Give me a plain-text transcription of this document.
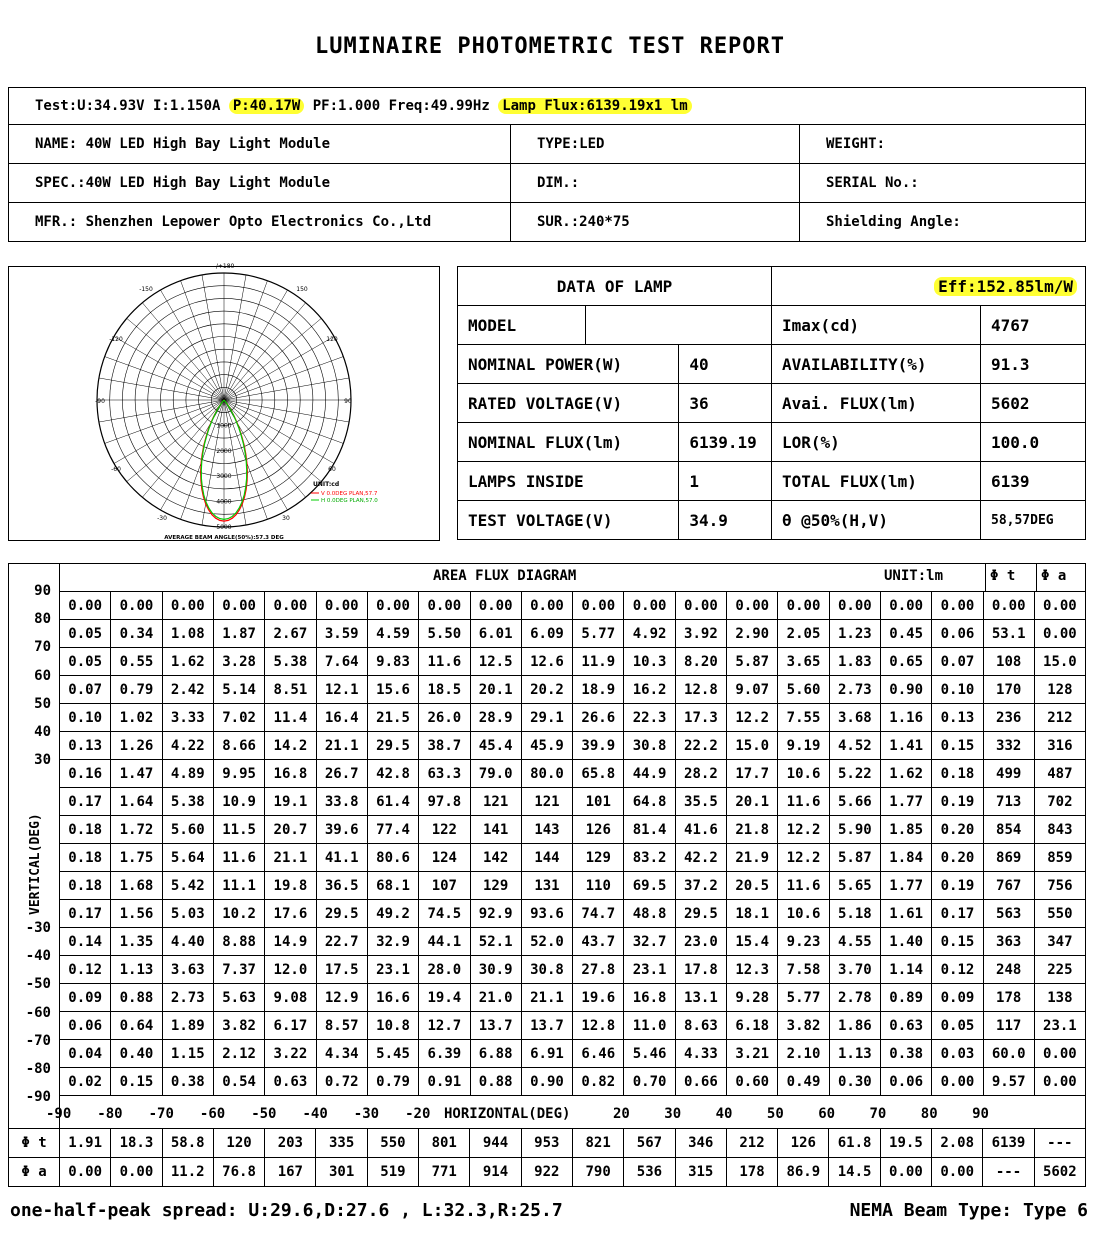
LUMINAIRE PHOTOMETRIC TEST REPORT
Test:U:34.93V I:1.150A P:40.17W PF:1.000 Freq:49.99Hz Lamp Flux:6139.19x1 lm		
NAME: 40W LED High Bay Light Module	TYPE:LED	WEIGHT:
SPEC.:40W LED High Bay Light Module	DIM.:	SERIAL No.:
MFR.: Shenzhen Lepower Opto Electronics Co.,Ltd	SUR.:240*75	Shielding Angle:
-/+180
-150	150
-120	120
-90	90
-60	60
-30	30
1000
2000
3000
4000
5000
UNIT:cd
V 0.0DEG PLAN,57.7
H 0.0DEG PLAN,57.0
AVERAGE BEAM ANGLE(50%):57.3 DEG
DATA OF LAMP			Eff:152.85lm/W	
MODEL			Imax(cd)	4767
NOMINAL POWER(W)		40	AVAILABILITY(%)	91.3
RATED VOLTAGE(V)		36	Avai. FLUX(lm)	5602
NOMINAL FLUX(lm)		6139.19	LOR(%)	100.0
LAMPS INSIDE		1	TOTAL FLUX(lm)	6139
TEST VOLTAGE(V)		34.9	θ @50%(H,V)	58,57DEG
AREA FLUX DIAGRAM	UNIT:lm	Φ t Φ a
0.00	0.00	0.00	0.00	0.00	0.00	0.00	0.00	0.00	0.00	0.00	0.00	0.00	0.00	0.00	0.00	0.00	0.00	0.00	0.00
0.05	0.34	1.08	1.87	2.67	3.59	4.59	5.50	6.01	6.09	5.77	4.92	3.92	2.90	2.05	1.23	0.45	0.06	53.1	0.00
0.05	0.55	1.62	3.28	5.38	7.64	9.83	11.6	12.5	12.6	11.9	10.3	8.20	5.87	3.65	1.83	0.65	0.07	108	15.0
0.07	0.79	2.42	5.14	8.51	12.1	15.6	18.5	20.1	20.2	18.9	16.2	12.8	9.07	5.60	2.73	0.90	0.10	170	128
0.10	1.02	3.33	7.02	11.4	16.4	21.5	26.0	28.9	29.1	26.6	22.3	17.3	12.2	7.55	3.68	1.16	0.13	236	212
0.13	1.26	4.22	8.66	14.2	21.1	29.5	38.7	45.4	45.9	39.9	30.8	22.2	15.0	9.19	4.52	1.41	0.15	332	316
0.16	1.47	4.89	9.95	16.8	26.7	42.8	63.3	79.0	80.0	65.8	44.9	28.2	17.7	10.6	5.22	1.62	0.18	499	487
0.17	1.64	5.38	10.9	19.1	33.8	61.4	97.8	121	121	101	64.8	35.5	20.1	11.6	5.66	1.77	0.19	713	702
0.18	1.72	5.60	11.5	20.7	39.6	77.4	122	141	143	126	81.4	41.6	21.8	12.2	5.90	1.85	0.20	854	843
0.18	1.75	5.64	11.6	21.1	41.1	80.6	124	142	144	129	83.2	42.2	21.9	12.2	5.87	1.84	0.20	869	859
0.18	1.68	5.42	11.1	19.8	36.5	68.1	107	129	131	110	69.5	37.2	20.5	11.6	5.65	1.77	0.19	767	756
0.17	1.56	5.03	10.2	17.6	29.5	49.2	74.5	92.9	93.6	74.7	48.8	29.5	18.1	10.6	5.18	1.61	0.17	563	550
0.14	1.35	4.40	8.88	14.9	22.7	32.9	44.1	52.1	52.0	43.7	32.7	23.0	15.4	9.23	4.55	1.40	0.15	363	347
0.12	1.13	3.63	7.37	12.0	17.5	23.1	28.0	30.9	30.8	27.8	23.1	17.8	12.3	7.58	3.70	1.14	0.12	248	225
0.09	0.88	2.73	5.63	9.08	12.9	16.6	19.4	21.0	21.1	19.6	16.8	13.1	9.28	5.77	2.78	0.89	0.09	178	138
0.06	0.64	1.89	3.82	6.17	8.57	10.8	12.7	13.7	13.7	12.8	11.0	8.63	6.18	3.82	1.86	0.63	0.05	117	23.1
0.04	0.40	1.15	2.12	3.22	4.34	5.45	6.39	6.88	6.91	6.46	5.46	4.33	3.21	2.10	1.13	0.38	0.03	60.0	0.00
0.02	0.15	0.38	0.54	0.63	0.72	0.79	0.91	0.88	0.90	0.82	0.70	0.66	0.60	0.49	0.30	0.06	0.00	9.57	0.00
90
80
70
60
50
40
30
-30
-40
-50
-60
-70
-80
-90
VERTICAL(DEG)
HORIZONTAL(DEG)
-90 -80 -70 -60 -50 -40 -30 -20	20 30 40 50 60 70 80 90
Φ t	1.91	18.3	58.8	120	203	335	550	801	944	953	821	567	346	212	126	61.8	19.5	2.08	6139	---
Φ a	0.00	0.00	11.2	76.8	167	301	519	771	914	922	790	536	315	178	86.9	14.5	0.00	0.00	---	5602
one-half-peak spread: U:29.6,D:27.6 , L:32.3,R:25.7	NEMA Beam Type: Type 6
